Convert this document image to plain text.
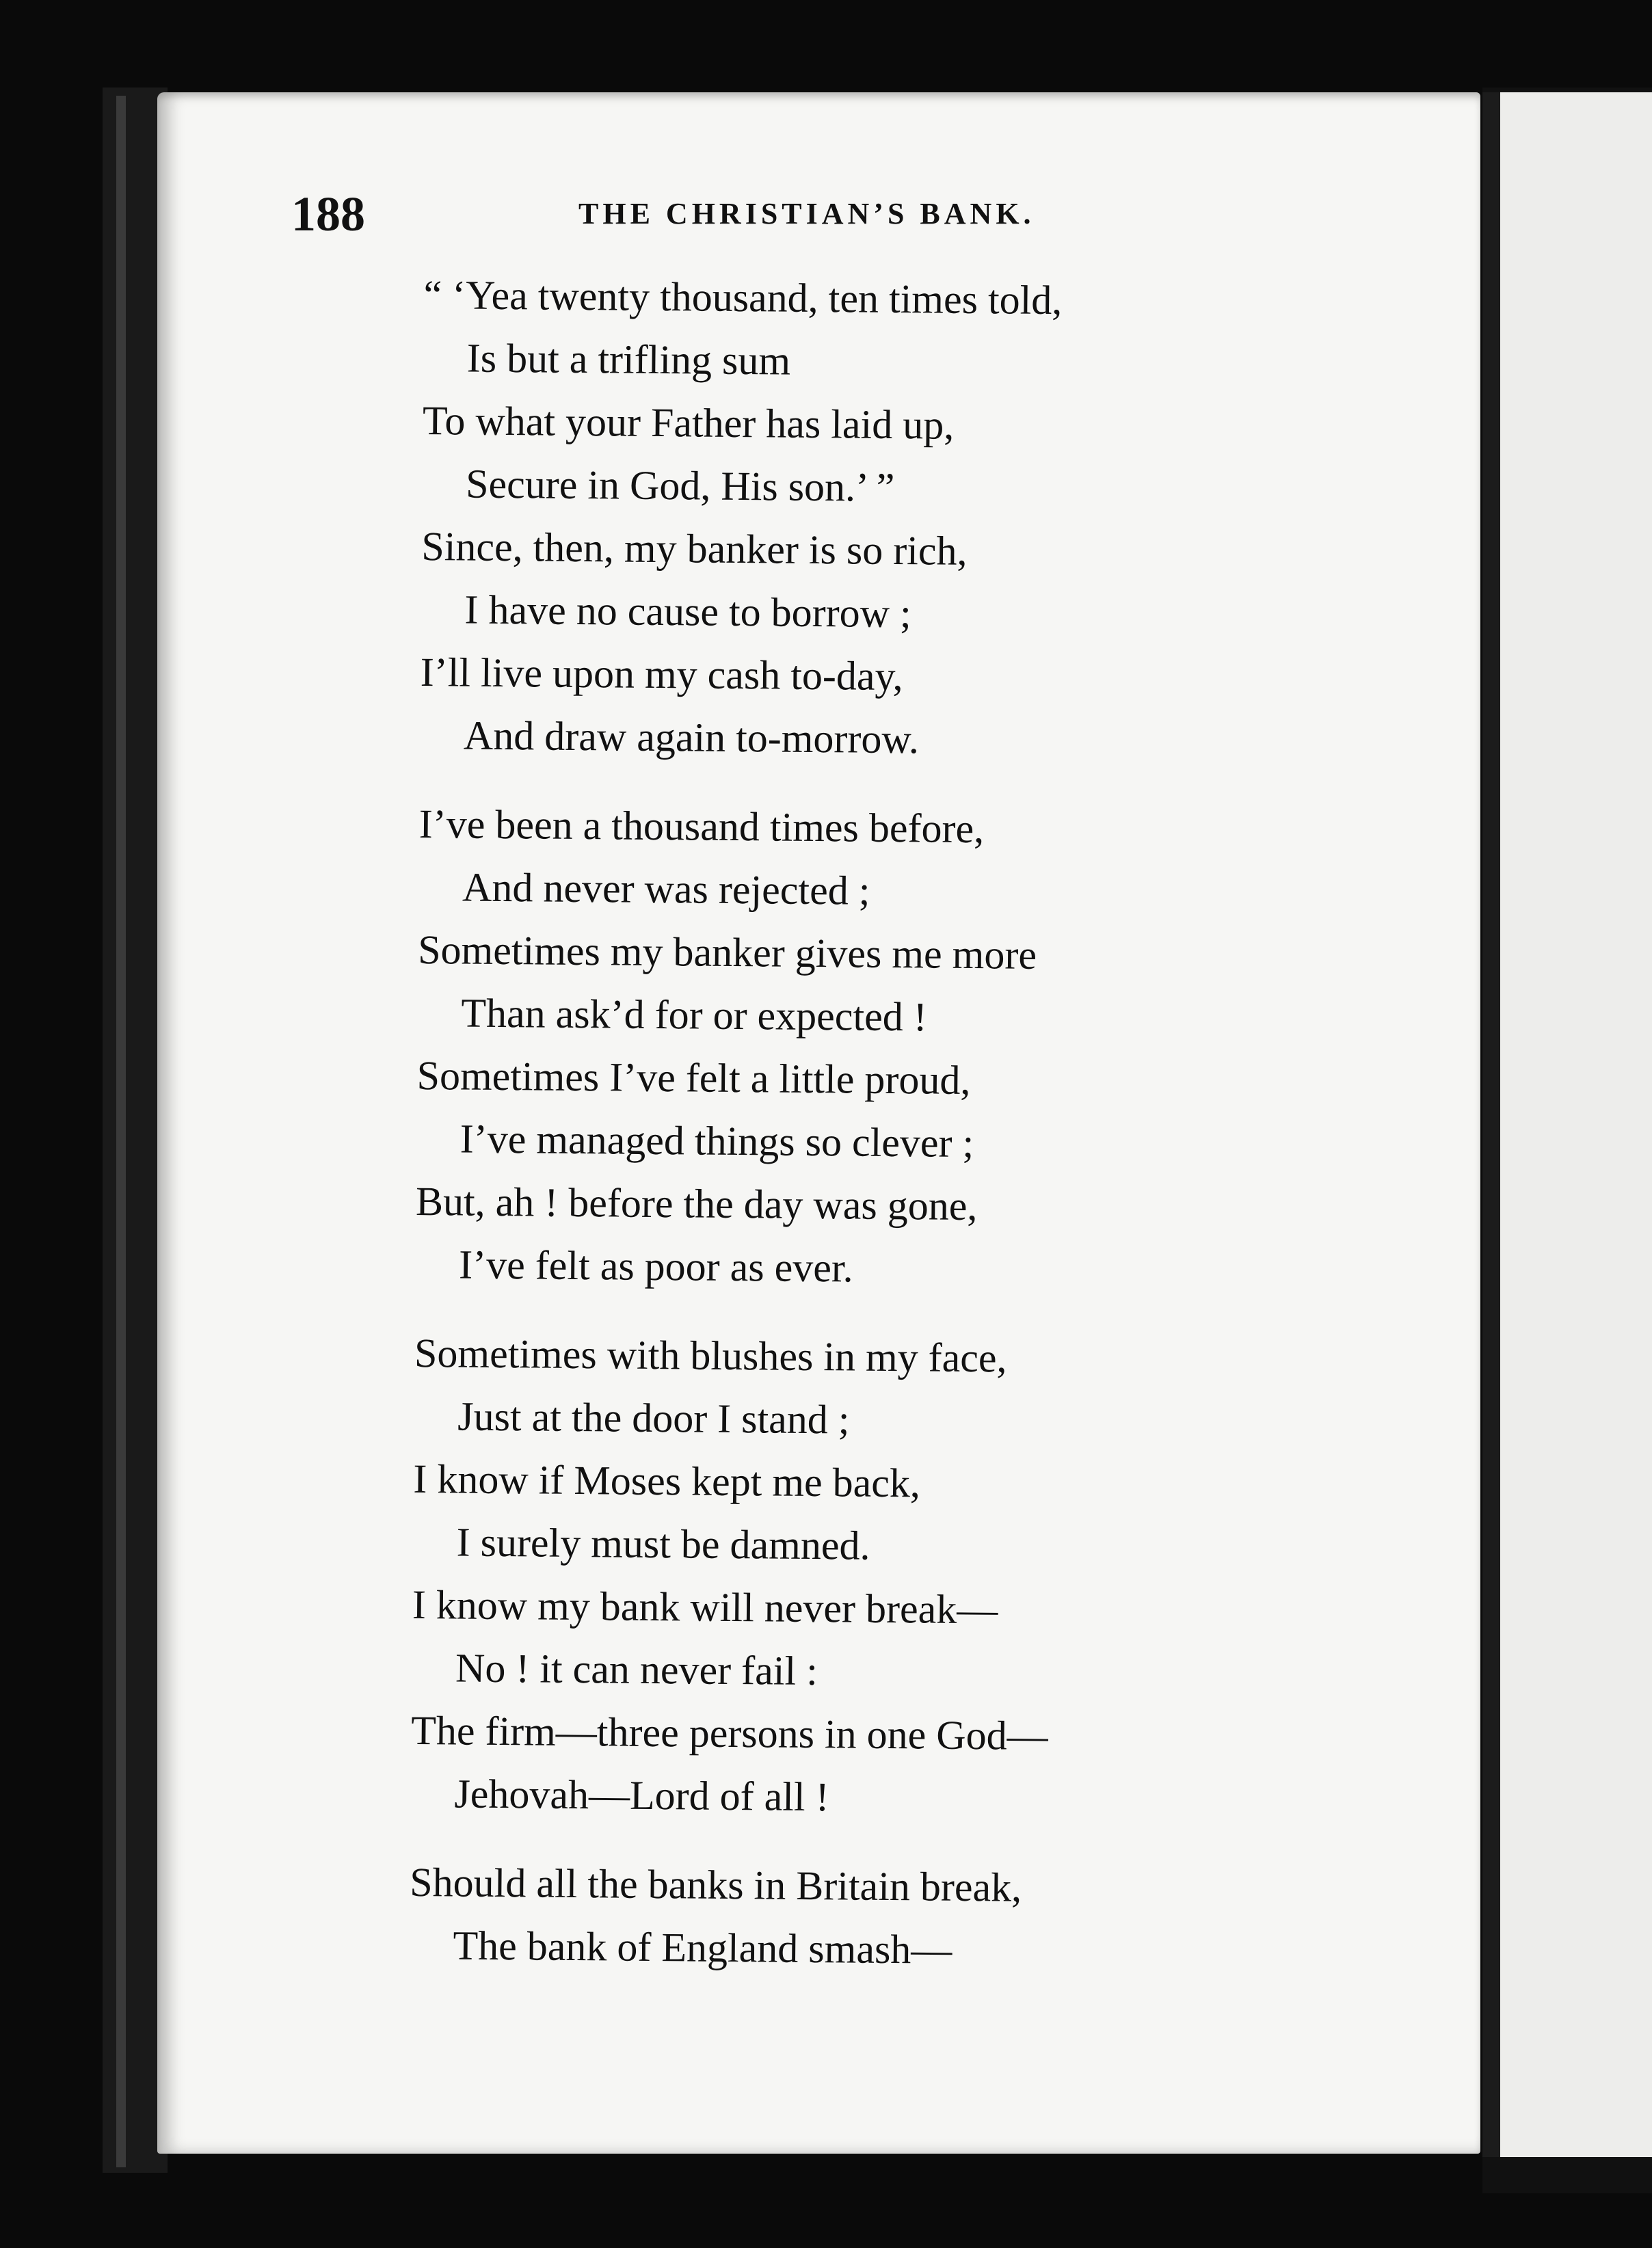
188	THE CHRISTIAN’S BANK.
“ ‘Yea twenty thousand, ten times told,
Is but a trifling sum
To what your Father has laid up,
Secure in God, His son.’ ”
Since, then, my banker is so rich,
I have no cause to borrow ;
I’ll live upon my cash to-day,
And draw again to-morrow.
I’ve been a thousand times before,
And never was rejected ;
Sometimes my banker gives me more
Than ask’d for or expected !
Sometimes I’ve felt a little proud,
I’ve managed things so clever ;
But, ah ! before the day was gone,
I’ve felt as poor as ever.
Sometimes with blushes in my face,
Just at the door I stand ;
I know if Moses kept me back,
I surely must be damned.
I know my bank will never break—
No ! it can never fail :
The firm—three persons in one God—
Jehovah—Lord of all !
Should all the banks in Britain break,
The bank of England smash—
